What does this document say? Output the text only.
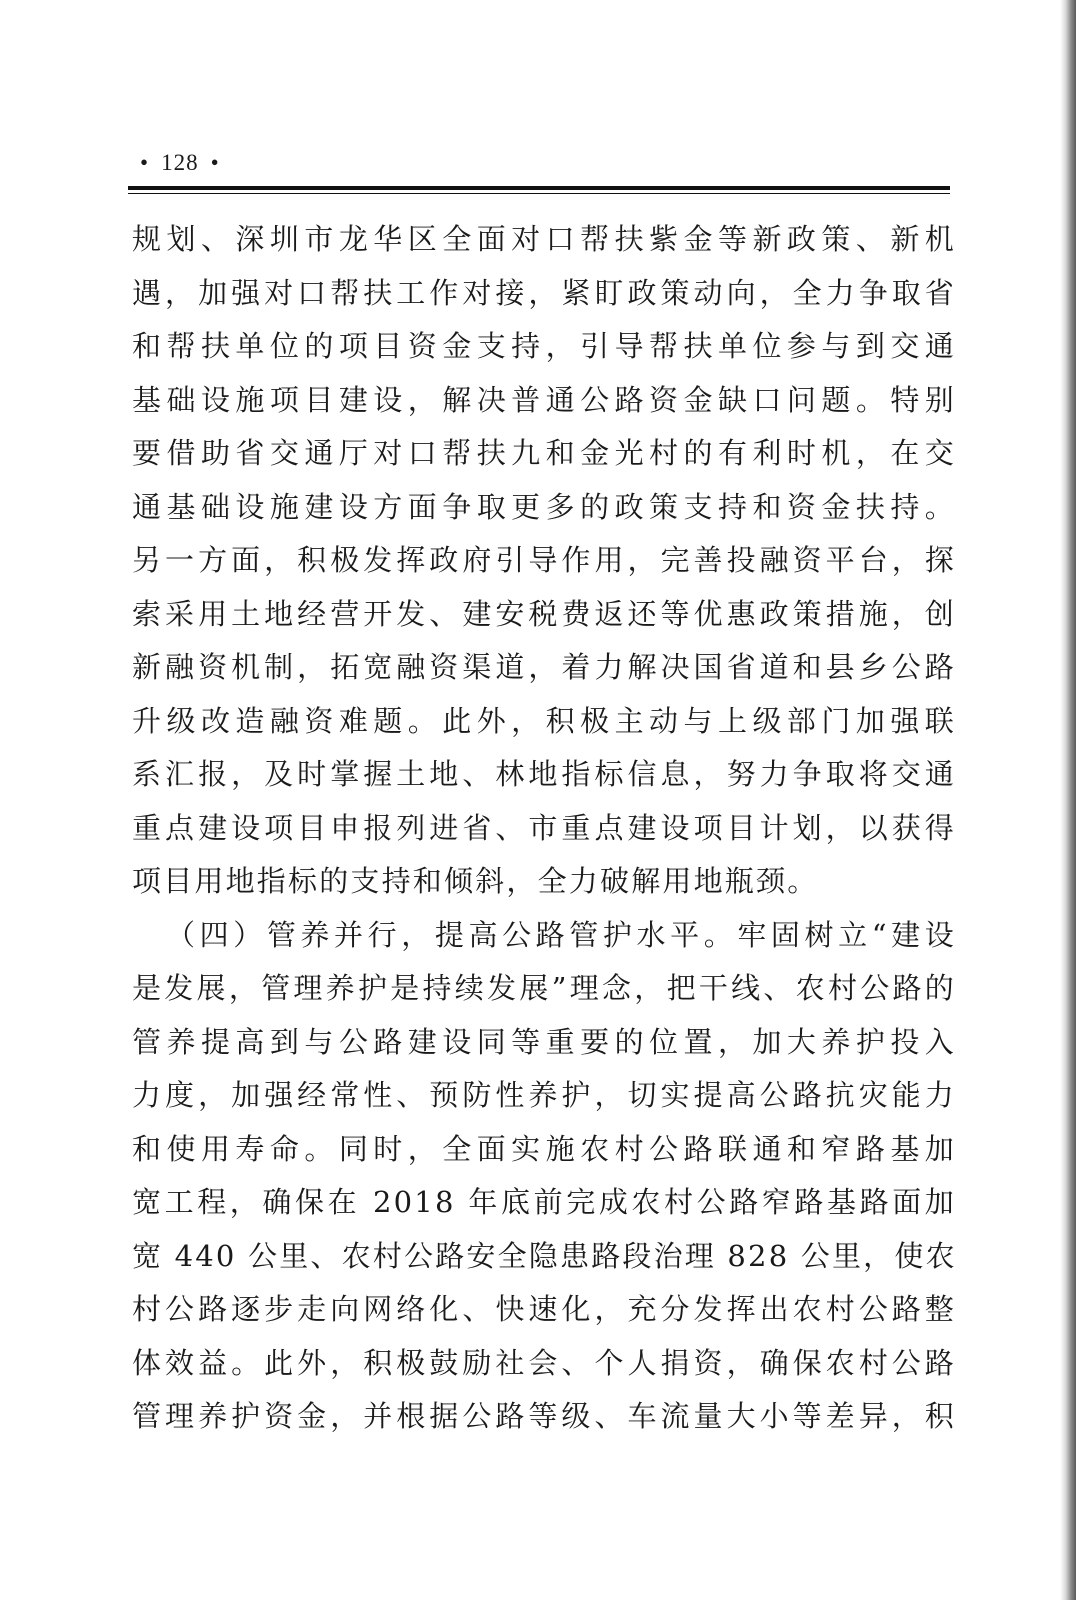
• 128 •
规划、深圳市龙华区全面对口帮扶紫金等新政策、新机
遇，加强对口帮扶工作对接，紧盯政策动向，全力争取省
和帮扶单位的项目资金支持，引导帮扶单位参与到交通
基础设施项目建设，解决普通公路资金缺口问题。特别
要借助省交通厅对口帮扶九和金光村的有利时机，在交
通基础设施建设方面争取更多的政策支持和资金扶持。
另一方面，积极发挥政府引导作用，完善投融资平台，探
索采用土地经营开发、建安税费返还等优惠政策措施，创
新融资机制，拓宽融资渠道，着力解决国省道和县乡公路
升级改造融资难题。此外，积极主动与上级部门加强联
系汇报，及时掌握土地、林地指标信息，努力争取将交通
重点建设项目申报列进省、市重点建设项目计划，以获得
项目用地指标的支持和倾斜，全力破解用地瓶颈。
（四）管养并行，提高公路管护水平。牢固树立“建设
是发展，管理养护是持续发展”理念，把干线、农村公路的
管养提高到与公路建设同等重要的位置，加大养护投入
力度，加强经常性、预防性养护，切实提高公路抗灾能力
和使用寿命。同时，全面实施农村公路联通和窄路基加
宽工程，确保在 2018 年底前完成农村公路窄路基路面加
宽 440 公里、农村公路安全隐患路段治理 828 公里，使农
村公路逐步走向网络化、快速化，充分发挥出农村公路整
体效益。此外，积极鼓励社会、个人捐资，确保农村公路
管理养护资金，并根据公路等级、车流量大小等差异，积
